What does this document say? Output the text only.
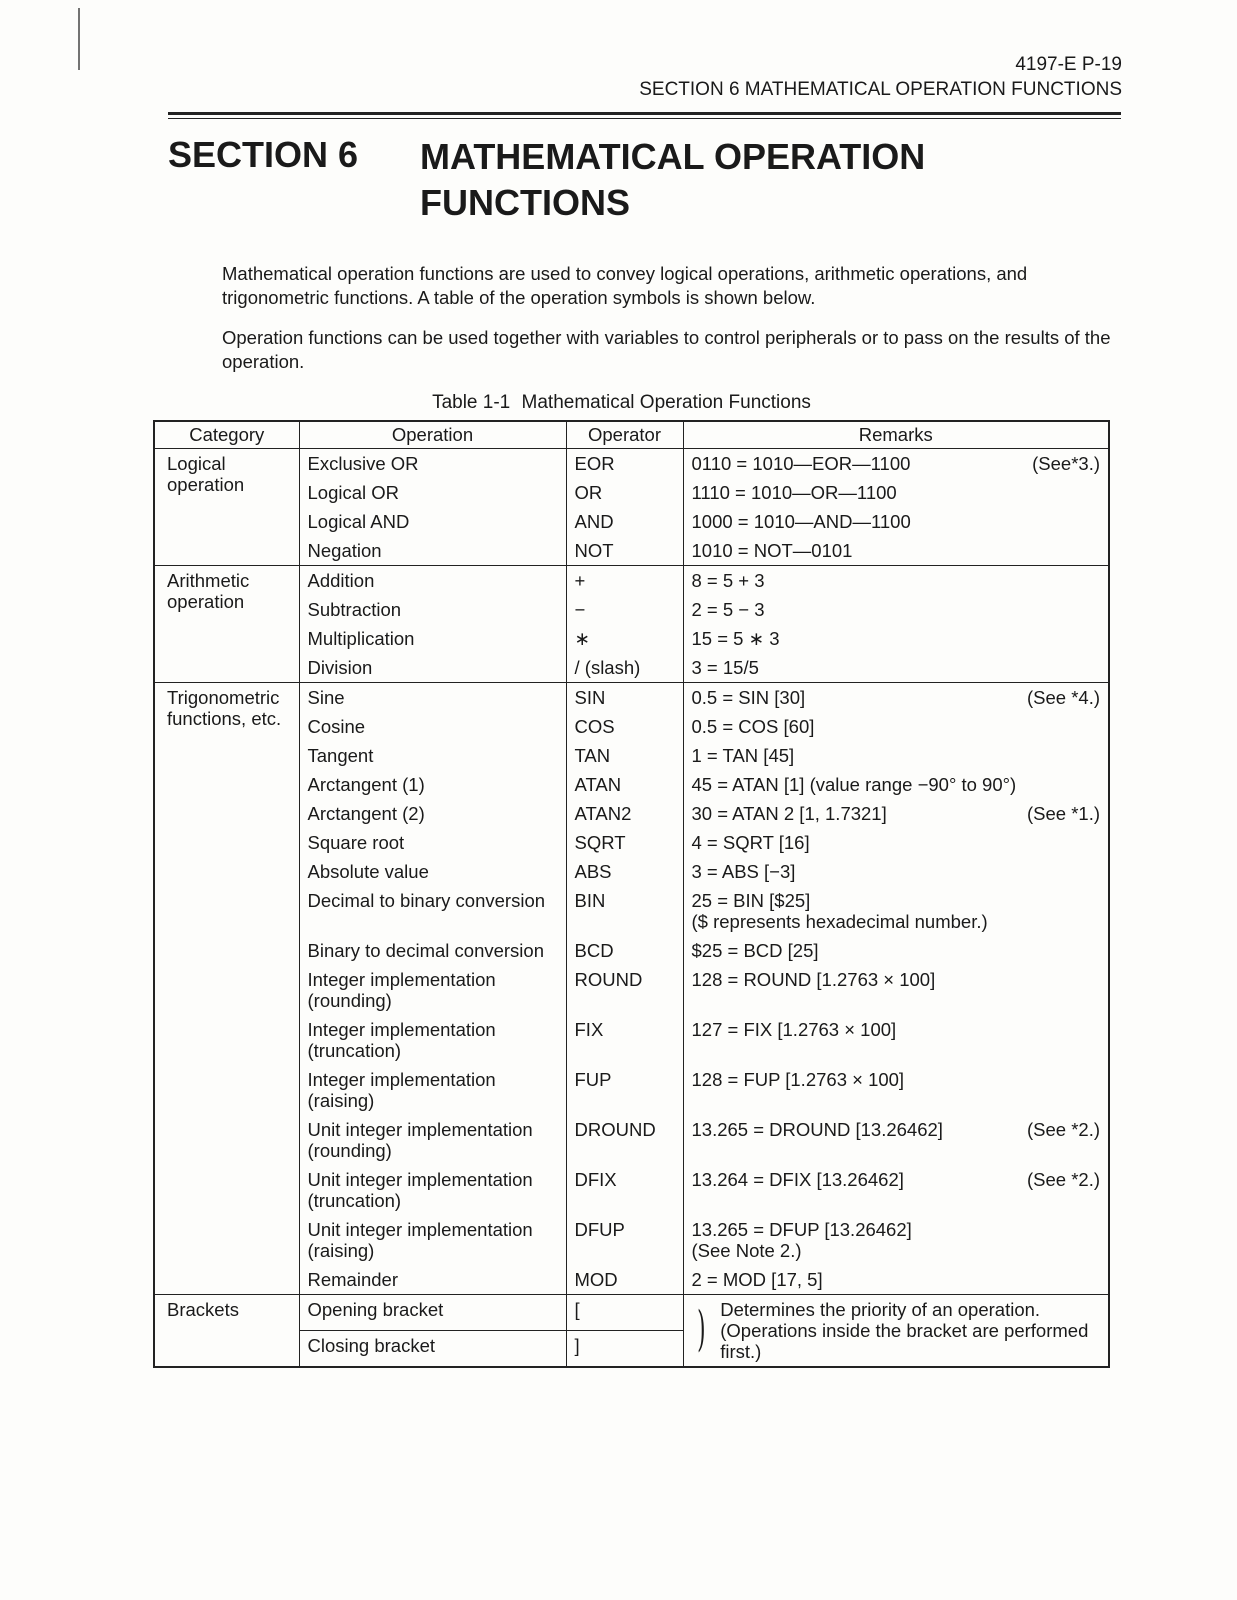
4197-E P-19
SECTION 6 MATHEMATICAL OPERATION FUNCTIONS
SECTION 6 MATHEMATICAL OPERATION
FUNCTIONS

Mathematical operation functions are used to convey logical operations, arithmetic operations, and trigonometric functions. A table of the operation symbols is shown below.

Operation functions can be used together with variables to control peripherals or to pass on the results of the operation.

Table 1-1 Mathematical Operation Functions
Category	Operation	Operator	Remarks
Logical operation	Exclusive OR	EOR	0110 = 1010—EOR—1100 (See*3.)

	Logical OR	OR	1110 = 1010—OR—1100

	Logical AND	AND	1000 = 1010—AND—1100

	Negation	NOT	1010 = NOT—0101

Arithmetic operation	Addition	+	8 = 5 + 3

	Subtraction	−	2 = 5 − 3

	Multiplication	∗	15 = 5 ∗ 3

	Division	/ (slash)	3 = 15/5

Trigonometric functions, etc.	Sine	SIN	0.5 = SIN [30] (See *4.)

	Cosine	COS	0.5 = COS [60]

	Tangent	TAN	1 = TAN [45]

	Arctangent (1)	ATAN	45 = ATAN [1] (value range −90° to 90°)

	Arctangent (2)	ATAN2	30 = ATAN 2 [1, 1.7321] (See *1.)

	Square root	SQRT	4 = SQRT [16]

	Absolute value	ABS	3 = ABS [−3]

	Decimal to binary conversion	BIN	25 = BIN [$25]
($ represents hexadecimal number.)

	Binary to decimal conversion	BCD	$25 = BCD [25]

	Integer implementation (rounding)	ROUND	128 = ROUND [1.2763 × 100]

	Integer implementation (truncation)	FIX	127 = FIX [1.2763 × 100]

	Integer implementation (raising)	FUP	128 = FUP [1.2763 × 100]

	Unit integer implementation (rounding)	DROUND	13.265 = DROUND [13.26462] (See *2.)

	Unit integer implementation (truncation)	DFIX	13.264 = DFIX [13.26462] (See *2.)

	Unit integer implementation (raising)	DFUP	13.265 = DFUP [13.26462]
(See Note 2.)

	Remainder	MOD	2 = MOD [17, 5]

Brackets	Opening bracket	[	) Determines the priority of an operation. (Operations inside the bracket are performed first.)

	Closing bracket	]	
